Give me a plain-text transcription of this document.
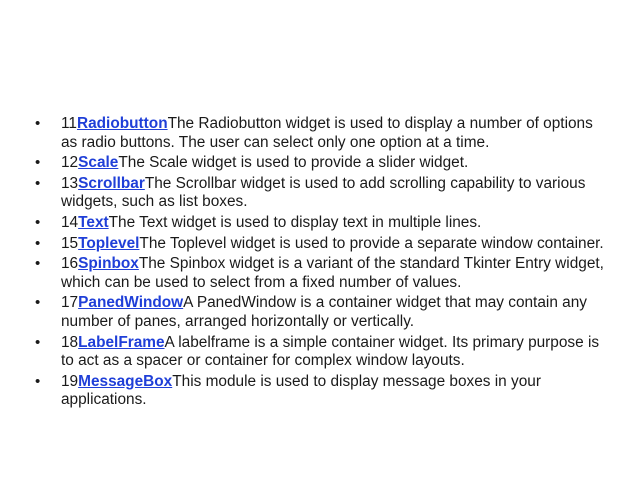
• 11RadiobuttonThe Radiobutton widget is used to display a number of options as radio buttons. The user can select only one option at a time.
• 12ScaleThe Scale widget is used to provide a slider widget.
• 13ScrollbarThe Scrollbar widget is used to add scrolling capability to various widgets, such as list boxes.
• 14TextThe Text widget is used to display text in multiple lines.
• 15ToplevelThe Toplevel widget is used to provide a separate window container.
• 16SpinboxThe Spinbox widget is a variant of the standard Tkinter Entry widget, which can be used to select from a fixed number of values.
• 17PanedWindowA PanedWindow is a container widget that may contain any number of panes, arranged horizontally or vertically.
• 18LabelFrameA labelframe is a simple container widget. Its primary purpose is to act as a spacer or container for complex window layouts.
• 19MessageBoxThis module is used to display message boxes in your applications.
